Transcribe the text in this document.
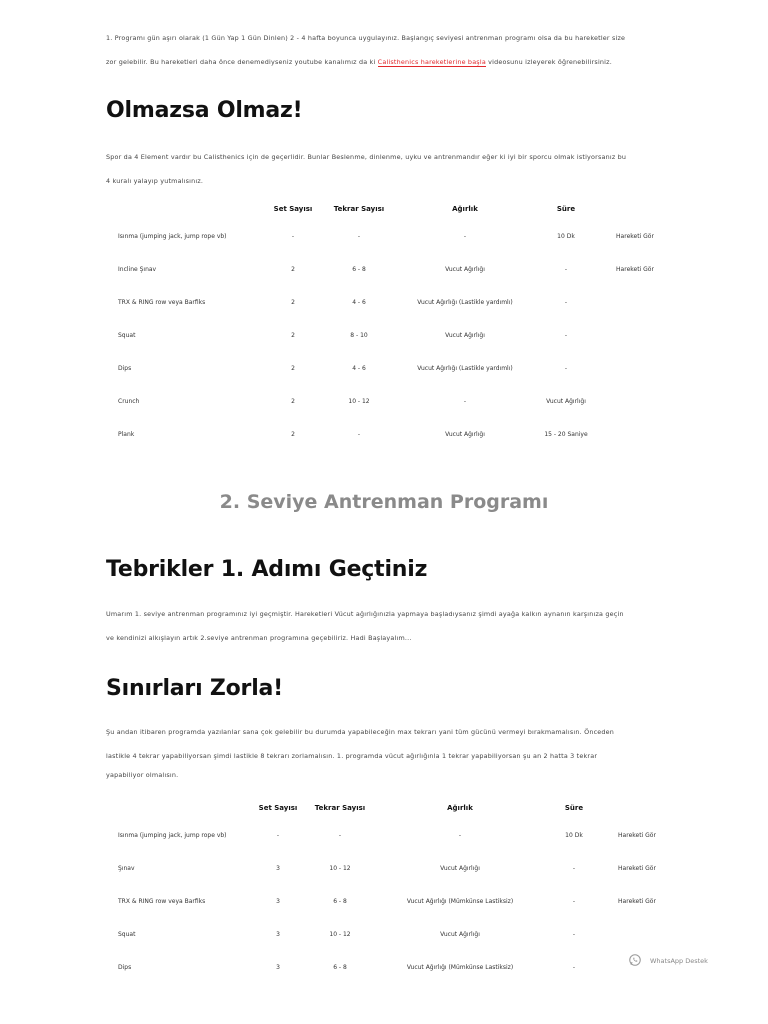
1. Programı gün aşırı olarak (1 Gün Yap 1 Gün Dinlen) 2 - 4 hafta boyunca uygulayınız. Başlangıç seviyesi antrenman programı olsa da bu hareketler size
zor gelebilir. Bu hareketleri daha önce denemediyseniz youtube kanalımız da ki Calisthenics hareketlerine başla videosunu izleyerek öğrenebilirsiniz.
Olmazsa Olmaz!
Spor da 4 Element vardır bu Calisthenics için de geçerlidir. Bunlar Beslenme, dinlenme, uyku ve antrenmandır eğer ki iyi bir sporcu olmak istiyorsanız bu
4 kuralı yalayıp yutmalısınız.
	Set Sayısı	Tekrar Sayısı	Ağırlık	Süre	
Isınma (jumping jack, jump rope vb)	-	-	-	10 Dk	Hareketi Gör
Incline Şınav	2	6 - 8	Vucut Ağırlığı	-	Hareketi Gör
TRX & RING row veya Barfiks	2	4 - 6	Vucut Ağırlığı (Lastikle yardımlı)	-	
Squat	2	8 - 10	Vucut Ağırlığı	-	
Dips	2	4 - 6	Vucut Ağırlığı (Lastikle yardımlı)	-	
Crunch	2	10 - 12	-	Vucut Ağırlığı	
Plank	2	-	Vucut Ağırlığı	15 - 20 Saniye	
2. Seviye Antrenman Programı
Tebrikler 1. Adımı Geçtiniz
Umarım 1. seviye antrenman programınız iyi geçmiştir. Hareketleri Vücut ağırlığınızla yapmaya başladıysanız şimdi ayağa kalkın aynanın karşınıza geçin
ve kendinizi alkışlayın artık 2.seviye antrenman programına geçebiliriz. Hadi Başlayalım...
Sınırları Zorla!
Şu andan itibaren programda yazılanlar sana çok gelebilir bu durumda yapabileceğin max tekrarı yani tüm gücünü vermeyi bırakmamalısın. Önceden
lastikle 4 tekrar yapabiliyorsan şimdi lastikle 8 tekrarı zorlamalısın. 1. programda vücut ağırlığınla 1 tekrar yapabiliyorsan şu an 2 hatta 3 tekrar
yapabiliyor olmalısın.
	Set Sayısı	Tekrar Sayısı	Ağırlık	Süre	
Isınma (jumping jack, jump rope vb)	-	-	-	10 Dk	Hareketi Gör
Şınav	3	10 - 12	Vucut Ağırlığı	-	Hareketi Gör
TRX & RING row veya Barfiks	3	6 - 8	Vucut Ağırlığı (Mümkünse Lastiksiz)	-	Hareketi Gör
Squat	3	10 - 12	Vucut Ağırlığı	-	
Dips	3	6 - 8	Vucut Ağırlığı (Mümkünse Lastiksiz)	-	
WhatsApp Destek
